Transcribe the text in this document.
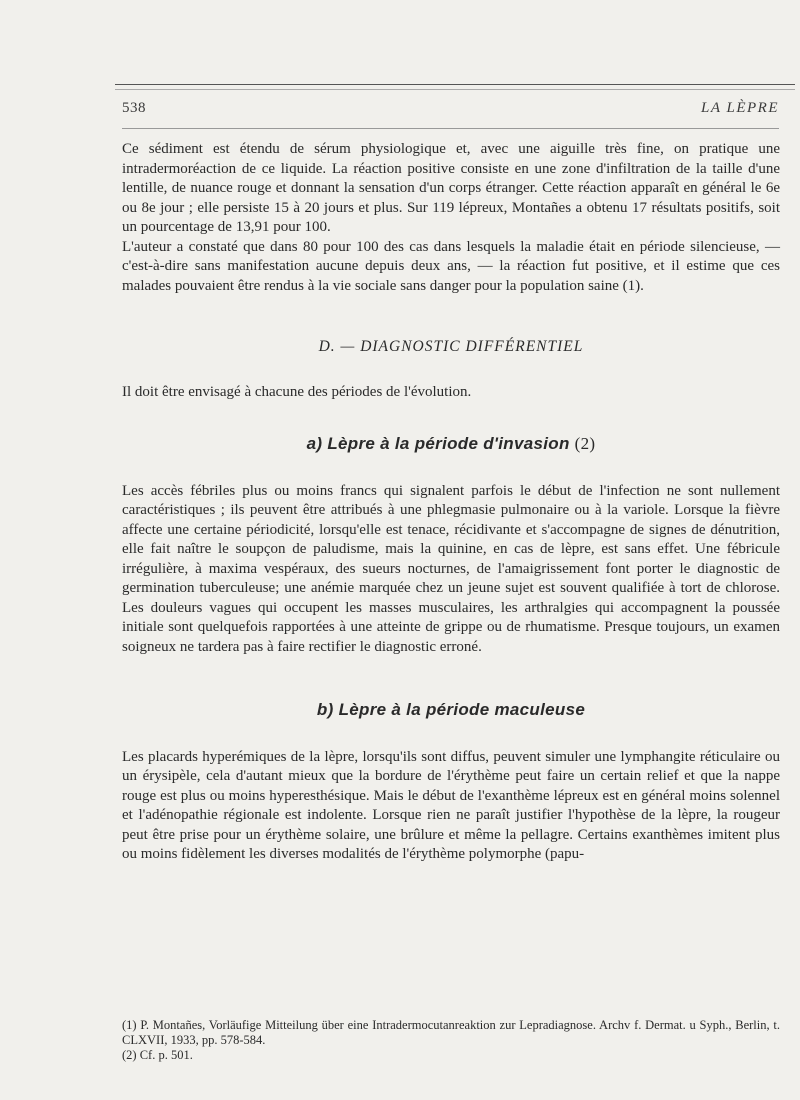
538	LA LÈPRE

Ce sédiment est étendu de sérum physiologique et, avec une aiguille très fine, on pratique une intradermoréaction de ce liquide. La réaction positive consiste en une zone d'infiltration de la taille d'une lentille, de nuance rouge et donnant la sensation d'un corps étranger. Cette réaction apparaît en général le 6e ou 8e jour ; elle persiste 15 à 20 jours et plus. Sur 119 lépreux, Montañes a obtenu 17 résultats positifs, soit un pourcentage de 13,91 pour 100.

L'auteur a constaté que dans 80 pour 100 des cas dans lesquels la maladie était en période silencieuse, — c'est-à-dire sans manifestation aucune depuis deux ans, — la réaction fut positive, et il estime que ces malades pouvaient être rendus à la vie sociale sans danger pour la population saine (1).

D. — DIAGNOSTIC DIFFÉRENTIEL

Il doit être envisagé à chacune des périodes de l'évolution.

a) Lèpre à la période d'invasion (2)

Les accès fébriles plus ou moins francs qui signalent parfois le début de l'infection ne sont nullement caractéristiques ; ils peuvent être attribués à une phlegmasie pulmonaire ou à la variole. Lorsque la fièvre affecte une certaine périodicité, lorsqu'elle est tenace, récidivante et s'accompagne de signes de dénutrition, elle fait naître le soupçon de paludisme, mais la quinine, en cas de lèpre, est sans effet. Une fébricule irrégulière, à maxima vespéraux, des sueurs nocturnes, de l'amaigrissement font porter le diagnostic de germination tuberculeuse; une anémie marquée chez un jeune sujet est souvent qualifiée à tort de chlorose. Les douleurs vagues qui occupent les masses musculaires, les arthralgies qui accompagnent la poussée initiale sont quelquefois rapportées à une atteinte de grippe ou de rhumatisme. Presque toujours, un examen soigneux ne tardera pas à faire rectifier le diagnostic erroné.

b) Lèpre à la période maculeuse

Les placards hyperémiques de la lèpre, lorsqu'ils sont diffus, peuvent simuler une lymphangite réticulaire ou un érysipèle, cela d'autant mieux que la bordure de l'érythème peut faire un certain relief et que la nappe rouge est plus ou moins hyperesthésique. Mais le début de l'exanthème lépreux est en général moins solennel et l'adénopathie régionale est indolente. Lorsque rien ne paraît justifier l'hypothèse de la lèpre, la rougeur peut être prise pour un érythème solaire, une brûlure et même la pellagre. Certains exanthèmes imitent plus ou moins fidèlement les diverses modalités de l'érythème polymorphe (papu-

(1) P. Montañes, Vorläufige Mitteilung über eine Intradermocutanreaktion zur Lepradiagnose. Archv f. Dermat. u Syph., Berlin, t. CLXVII, 1933, pp. 578-584.

(2) Cf. p. 501.
